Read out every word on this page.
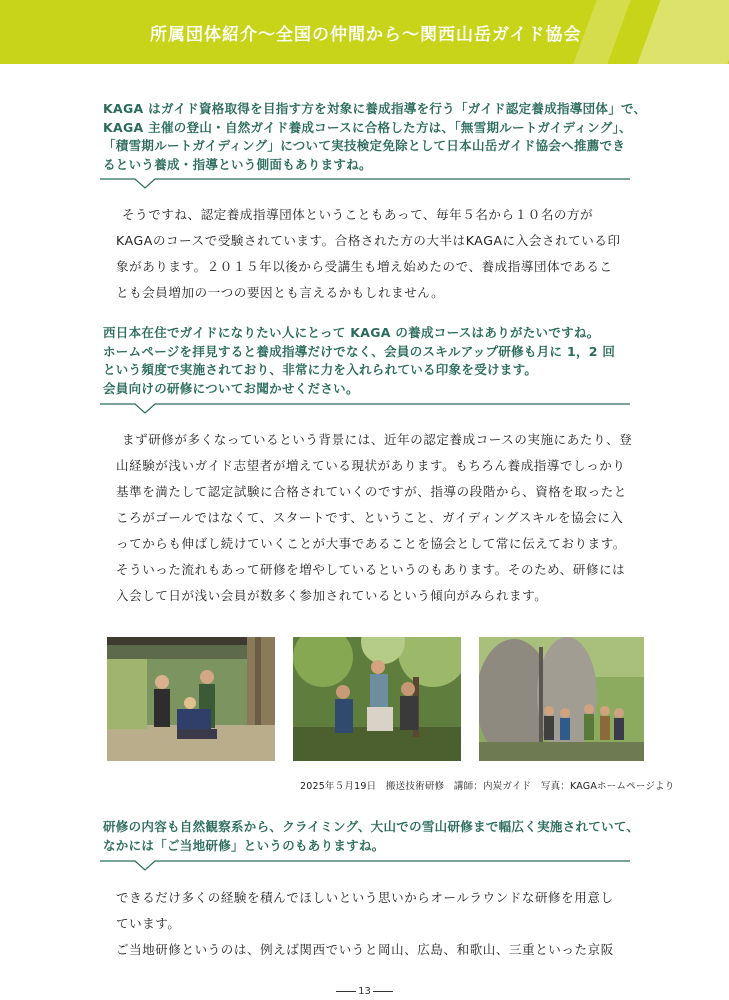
所属団体紹介～全国の仲間から～関西山岳ガイド協会

KAGA はガイド資格取得を目指す方を対象に養成指導を行う「ガイド認定養成指導団体」で、

KAGA 主催の登山・自然ガイド養成コースに合格した方は、「無雪期ルートガイディング」、

「積雪期ルートガイディング」について実技検定免除として日本山岳ガイド協会へ推薦でき

るという養成・指導という側面もありますね。

そうですね、認定養成指導団体ということもあって、毎年５名から１０名の方が

KAGAのコースで受験されています。合格された方の大半はKAGAに入会されている印

象があります。２０１５年以後から受講生も増え始めたので、養成指導団体であるこ

とも会員増加の一つの要因とも言えるかもしれません。

西日本在住でガイドになりたい人にとって KAGA の養成コースはありがたいですね。

ホームページを拝見すると養成指導だけでなく、会員のスキルアップ研修も月に 1，2 回

という頻度で実施されており、非常に力を入れられている印象を受けます。

会員向けの研修についてお聞かせください。

まず研修が多くなっているという背景には、近年の認定養成コースの実施にあたり、登

山経験が浅いガイド志望者が増えている現状があります。もちろん養成指導でしっかり

基準を満たして認定試験に合格されていくのですが、指導の段階から、資格を取ったと

ころがゴールではなくて、スタートです、ということ、ガイディングスキルを協会に入

ってからも伸ばし続けていくことが大事であることを協会として常に伝えております。

そういった流れもあって研修を増やしているというのもあります。そのため、研修には

入会して日が浅い会員が数多く参加されているという傾向がみられます。

2025年５月19日　搬送技術研修　講師：内炭ガイド　写真：KAGAホームページより

研修の内容も自然観察系から、クライミング、大山での雪山研修まで幅広く実施されていて、

なかには「ご当地研修」というのもありますね。

できるだけ多くの経験を積んでほしいという思いからオールラウンドな研修を用意し

ています。

ご当地研修というのは、例えば関西でいうと岡山、広島、和歌山、三重といった京阪

13
